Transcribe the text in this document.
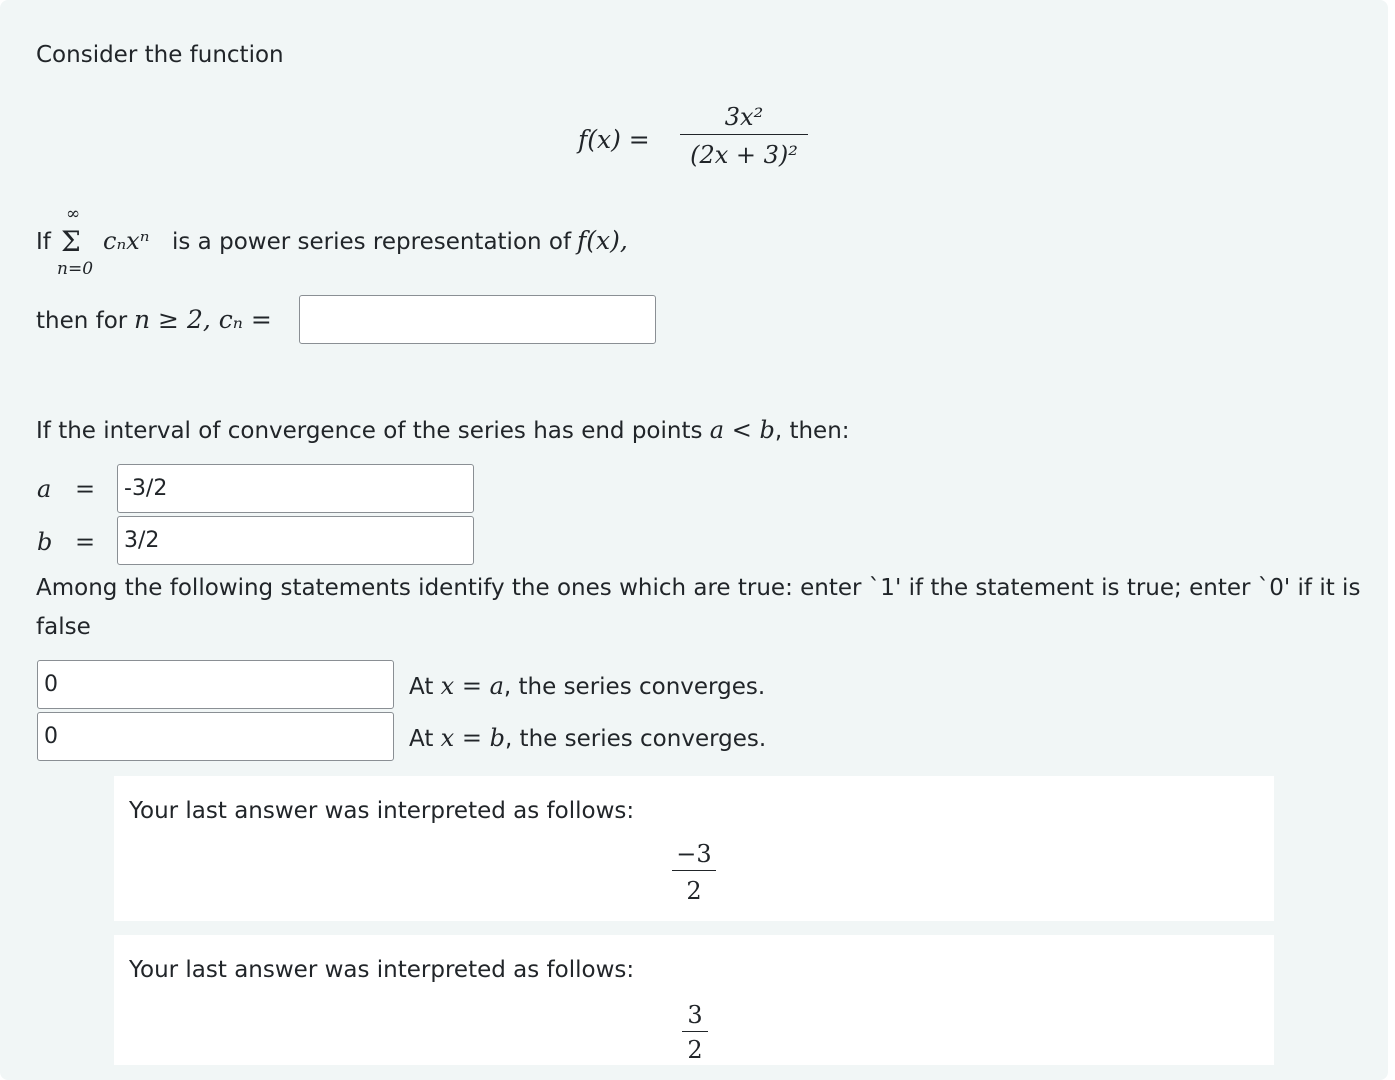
Consider the function
f(x) =
3x²
(2x + 3)²
If
∞
Σ
n=0
cₙxⁿ is a power series representation of f(x),
then for n ≥ 2, cₙ =
If the interval of convergence of the series has end points a < b, then:
a =
-3/2
b =
3/2
Among the following statements identify the ones which are true: enter `1' if the statement is true; enter `0' if it is
false
0
At x = a, the series converges.
0
At x = b, the series converges.
Your last answer was interpreted as follows:
−3
2
Your last answer was interpreted as follows:
3
2
